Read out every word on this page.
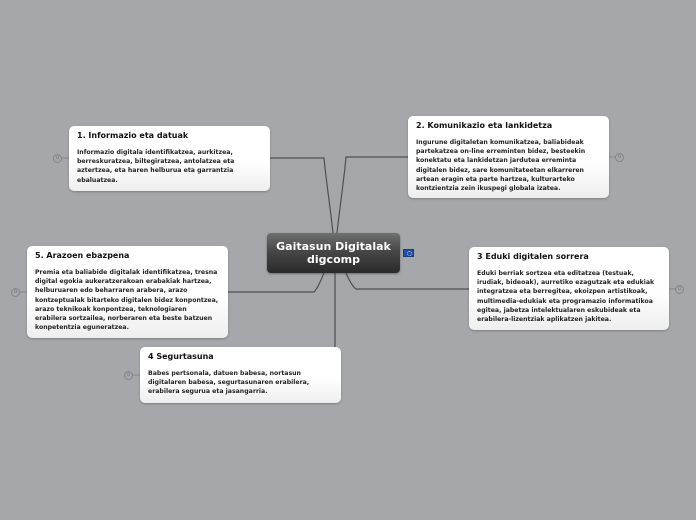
Gaitasun Digitalak digcomp
1. Informazio eta datuak
Informazio digitala identifikatzea, aurkitzea, berreskuratzea, biltegiratzea, antolatzea eta aztertzea, eta haren helburua eta garrantzia ebaluatzea.
0
2. Komunikazio eta lankidetza
Ingurune digitaletan komunikatzea, baliabideak partekatzea on-line erreminten bidez, besteekin konektatu eta lankidetzan jarduteа erreminta digitalen bidez, sare komunitateetan elkarreren artean eragin eta parte hartzea, kulturarteko kontzientzia zein ikuspegi globala izatea.
0
3 Eduki digitalen sorrera
Eduki berriak sortzea eta editatzea (testuak, irudiak, bideoak), aurretiko ezagutzak eta edukiak integratzea eta berregitea, ekoizpen artistikoak, multimedia-edukiak eta programazio informatikoa egitea, jabetza intelektualaren eskubideak eta erabilera-lizentziak aplikatzen jakitea.
0
4 Segurtasuna
Babes pertsonala, datuen babesa, nortasun digitalaren babesa, segurtasunaren erabilera, erabilera segurua eta jasangarria.
0
5. Arazoen ebazpena
Premia eta baliabide digitalak identifikatzea, tresna digital egokia aukeratzerakoan erabakiak hartzea, helburuaren edo beharraren arabera, arazo kontzeptualak bitarteko digitalen bidez konpontzea, arazo teknikoak konpontzea, teknologiaren erabilera sortzailea, norberaren eta beste batzuen konpetentzia eguneratzea.
0
